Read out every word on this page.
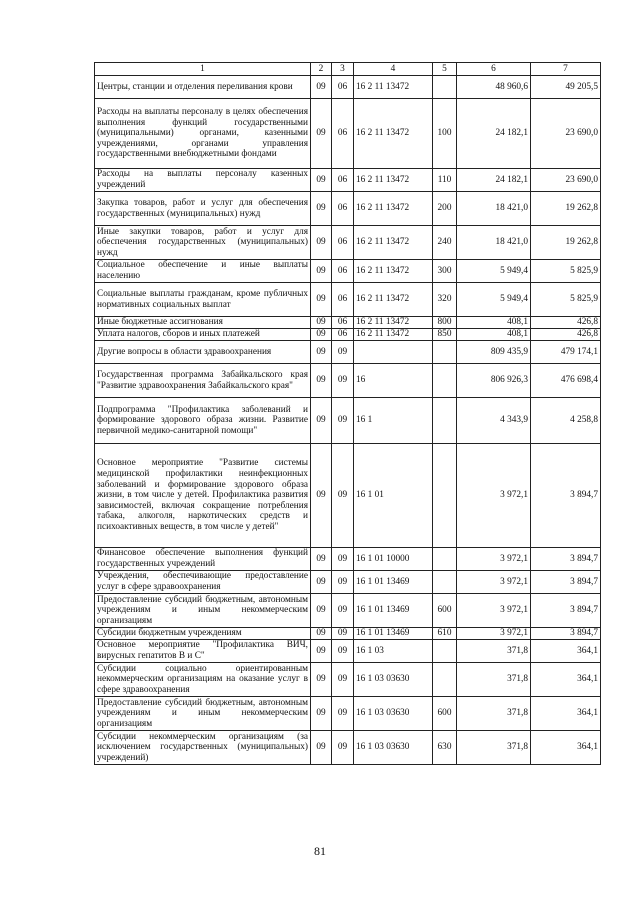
1	2	3	4	5	6	7
Центры, станции и отделения переливания крови	09	06	16 2 11 13472		48 960,6	49 205,5
Расходы на выплаты персоналу в целях обеспечения выполнения функций государственными (муниципальными) органами, казенными учреждениями, органами управления государственными внебюджетными фондами	09	06	16 2 11 13472	100	24 182,1	23 690,0
Расходы на выплаты персоналу казенных учреждений	09	06	16 2 11 13472	110	24 182,1	23 690,0
Закупка товаров, работ и услуг для обеспечения государственных (муниципальных) нужд	09	06	16 2 11 13472	200	18 421,0	19 262,8
Иные закупки товаров, работ и услуг для обеспечения государственных (муниципальных) нужд	09	06	16 2 11 13472	240	18 421,0	19 262,8
Социальное обеспечение и иные выплаты населению	09	06	16 2 11 13472	300	5 949,4	5 825,9
Социальные выплаты гражданам, кроме публичных нормативных социальных выплат	09	06	16 2 11 13472	320	5 949,4	5 825,9
Иные бюджетные ассигнования	09	06	16 2 11 13472	800	408,1	426,8
Уплата налогов, сборов и иных платежей	09	06	16 2 11 13472	850	408,1	426,8
Другие вопросы в области здравоохранения	09	09			809 435,9	479 174,1
Государственная программа Забайкальского края "Развитие здравоохранения Забайкальского края"	09	09	16		806 926,3	476 698,4
Подпрограмма "Профилактика заболеваний и формирование здорового образа жизни. Развитие первичной медико-санитарной помощи"	09	09	16 1		4 343,9	4 258,8
Основное мероприятие "Развитие системы медицинской профилактики неинфекционных заболеваний и формирование здорового образа жизни, в том числе у детей. Профилактика развития зависимостей, включая сокращение потребления табака, алкоголя, наркотических средств и психоактивных веществ, в том числе у детей"	09	09	16 1 01		3 972,1	3 894,7
Финансовое обеспечение выполнения функций государственных учреждений	09	09	16 1 01 10000		3 972,1	3 894,7
Учреждения, обеспечивающие предоставление услуг в сфере здравоохранения	09	09	16 1 01 13469		3 972,1	3 894,7
Предоставление субсидий бюджетным, автономным учреждениям и иным некоммерческим организациям	09	09	16 1 01 13469	600	3 972,1	3 894,7
Субсидии бюджетным учреждениям	09	09	16 1 01 13469	610	3 972,1	3 894,7
Основное мероприятие "Профилактика ВИЧ, вирусных гепатитов В и С"	09	09	16 1 03		371,8	364,1
Субсидии социально ориентированным некоммерческим организациям на оказание услуг в сфере здравоохранения	09	09	16 1 03 03630		371,8	364,1
Предоставление субсидий бюджетным, автономным учреждениям и иным некоммерческим организациям	09	09	16 1 03 03630	600	371,8	364,1
Субсидии некоммерческим организациям (за исключением государственных (муниципальных) учреждений)	09	09	16 1 03 03630	630	371,8	364,1
81
